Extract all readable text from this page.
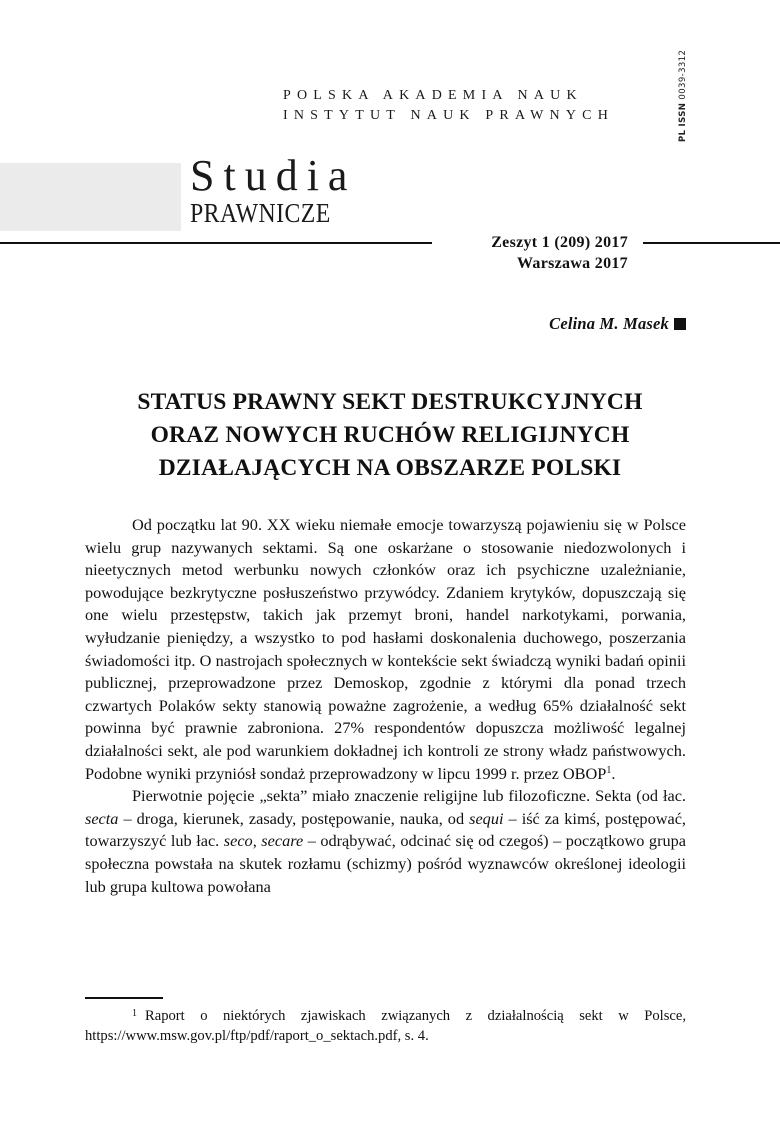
POLSKA AKADEMIA NAUK
INSTYTUT NAUK PRAWNYCH
PL ISSN 0039-3312
Studia
PRAWNICZE
Zeszyt 1 (209) 2017
Warszawa 2017
Celina M. Masek
STATUS PRAWNY SEKT DESTRUKCYJNYCH
ORAZ NOWYCH RUCHÓW RELIGIJNYCH
DZIAŁAJĄCYCH NA OBSZARZE POLSKI

Od początku lat 90. XX wieku niemałe emocje towarzyszą pojawieniu się w Polsce wielu grup nazywanych sektami. Są one oskarżane o stosowanie niedozwolonych i nieetycznych metod werbunku nowych członków oraz ich psychiczne uzależnianie, powodujące bezkrytyczne posłuszeństwo przywódcy. Zdaniem krytyków, dopuszczają się one wielu przestępstw, takich jak przemyt broni, handel narkotykami, porwania, wyłudzanie pieniędzy, a wszystko to pod hasłami doskonalenia duchowego, poszerzania świadomości itp. O nastrojach społecznych w kontekście sekt świadczą wyniki badań opinii publicznej, przeprowadzone przez Demoskop, zgodnie z którymi dla ponad trzech czwartych Polaków sekty stanowią poważne zagrożenie, a według 65% działalność sekt powinna być prawnie zabroniona. 27% respondentów dopuszcza możliwość legalnej działalności sekt, ale pod warunkiem dokładnej ich kontroli ze strony władz państwowych. Podobne wyniki przyniósł sondaż przeprowadzony w lipcu 1999 r. przez OBOP$^1$.

Pierwotnie pojęcie „sekta” miało znaczenie religijne lub filozoficzne. Sekta (od łac. secta – droga, kierunek, zasady, postępowanie, nauka, od sequi – iść za kimś, postępować, towarzyszyć lub łac. seco, secare – odrąbywać, odcinać się od czegoś) – początkowo grupa społeczna powstała na skutek rozłamu (schizmy) pośród wyznawców określonej ideologii lub grupa kultowa powołana

$^1$ Raport o niektórych zjawiskach związanych z działalnością sekt w Polsce, https://www.msw.gov.pl/ftp/pdf/raport_o_sektach.pdf, s. 4.
